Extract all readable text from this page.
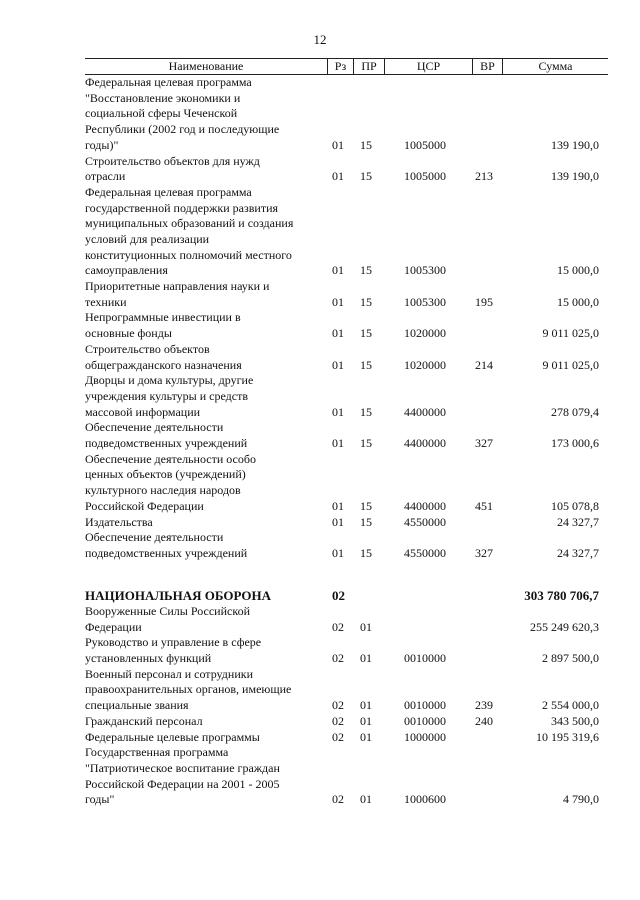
12
Наименование	Рз	ПР	ЦСР	ВР	Сумма
Федеральная целевая программа
"Восстановление экономики и
социальной сферы Чеченской
Республики (2002 год и последующие
годы)"	01 15	1005000	139 190,0
Строительство объектов для нужд
отрасли	01 15	1005000 213	139 190,0
Федеральная целевая программа
государственной поддержки развития
муниципальных образований и создания
условий для реализации
конституционных полномочий местного
самоуправления	01 15	1005300	15 000,0
Приоритетные направления науки и
техники	01 15	1005300 195	15 000,0
Непрограммные инвестиции в
основные фонды	01 15	1020000	9 011 025,0
Строительство объектов
общегражданского назначения	01 15	1020000 214	9 011 025,0
Дворцы и дома культуры, другие
учреждения культуры и средств
массовой информации	01 15	4400000	278 079,4
Обеспечение деятельности
подведомственных учреждений	01 15	4400000 327	173 000,6
Обеспечение деятельности особо
ценных объектов (учреждений)
культурного наследия народов
Российской Федерации	01 15	4400000 451	105 078,8
Издательства	01 15	4550000	24 327,7
Обеспечение деятельности
подведомственных учреждений	01 15	4550000 327	24 327,7
НАЦИОНАЛЬНАЯ ОБОРОНА	02	303 780 706,7
Вооруженные Силы Российской
Федерации	02 01	255 249 620,3
Руководство и управление в сфере
установленных функций	02 01	0010000	2 897 500,0
Военный персонал и сотрудники
правоохранительных органов, имеющие
специальные звания	02 01	0010000 239	2 554 000,0
Гражданский персонал	02 01	0010000 240	343 500,0
Федеральные целевые программы	02 01	1000000	10 195 319,6
Государственная программа
"Патриотическое воспитание граждан
Российской Федерации на 2001 - 2005
годы"	02 01	1000600	4 790,0
